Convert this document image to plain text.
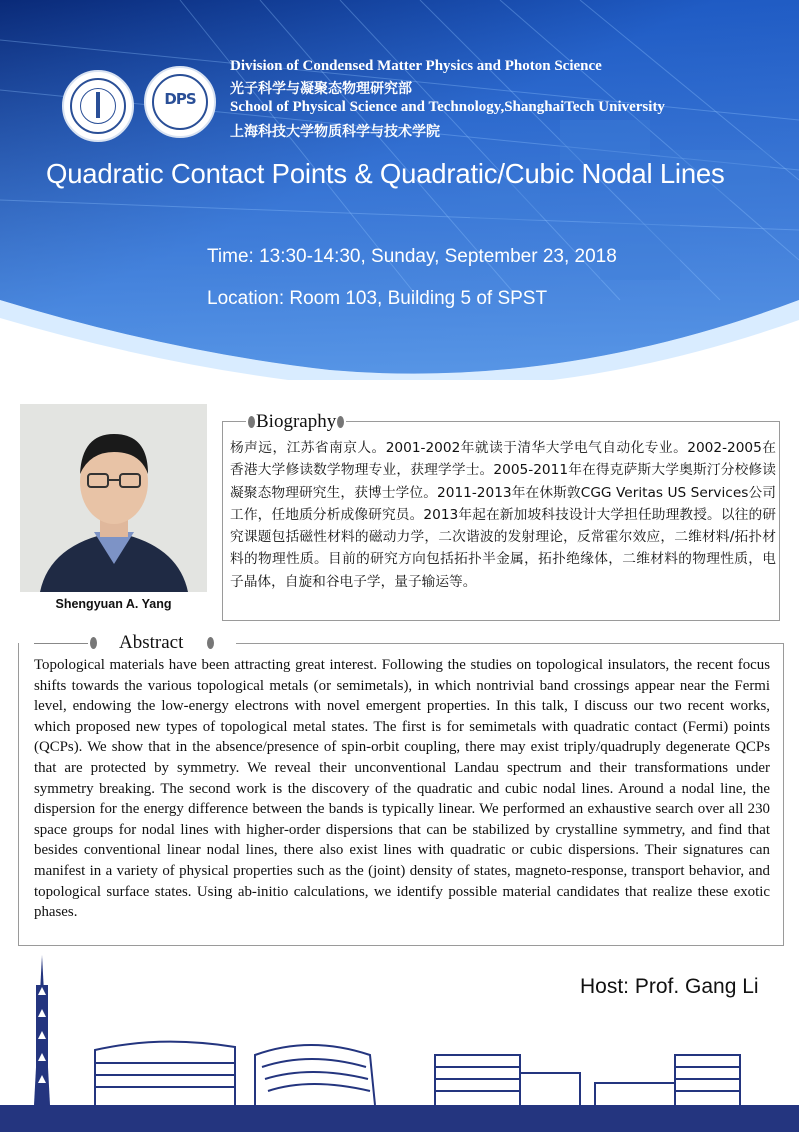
DPS
Division of Condensed Matter Physics and Photon Science
光子科学与凝聚态物理研究部
School of Physical Science and Technology,ShanghaiTech University
上海科技大学物质科学与技术学院
Quadratic Contact Points & Quadratic/Cubic Nodal Lines
Time: 13:30-14:30, Sunday, September 23, 2018
Location: Room 103, Building 5 of SPST
Shengyuan A. Yang
Biography
杨声远，江苏省南京人。2001-2002年就读于清华大学电气自动化专业。2002-2005在香港大学修读数学物理专业，获理学学士。2005-2011年在得克萨斯大学奥斯汀分校修读凝聚态物理研究生，获博士学位。2011-2013年在休斯敦CGG Veritas US Services公司工作，任地质分析成像研究员。2013年起在新加坡科技设计大学担任助理教授。以往的研究课题包括磁性材料的磁动力学，二次谐波的发射理论，反常霍尔效应，二维材料/拓扑材料的物理性质。目前的研究方向包括拓扑半金属，拓扑绝缘体，二维材料的物理性质，电子晶体，自旋和谷电子学，量子输运等。
Abstract
Topological materials have been attracting great interest. Following the studies on topological insulators, the recent focus shifts towards the various topological metals (or semimetals), in which nontrivial band crossings appear near the Fermi level, endowing the low-energy electrons with novel emergent properties. In this talk, I discuss our two recent works, which proposed new types of topological metal states. The first is for semimetals with quadratic contact (Fermi) points (QCPs). We show that in the absence/presence of spin-orbit coupling, there may exist triply/quadruply degenerate QCPs that are protected by symmetry. We reveal their unconventional Landau spectrum and their transformations under symmetry breaking. The second work is the discovery of the quadratic and cubic nodal lines. Around a nodal line, the dispersion for the energy difference between the bands is typically linear. We performed an exhaustive search over all 230 space groups for nodal lines with higher-order dispersions that can be stabilized by crystalline symmetry, and find that besides conventional linear nodal lines, there also exist lines with quadratic or cubic dispersions. Their signatures can manifest in a variety of physical properties such as the (joint) density of states, magneto-response, transport behavior, and topological surface states. Using ab-initio calculations, we identify possible material candidates that realize these exotic phases.
Host: Prof. Gang Li
